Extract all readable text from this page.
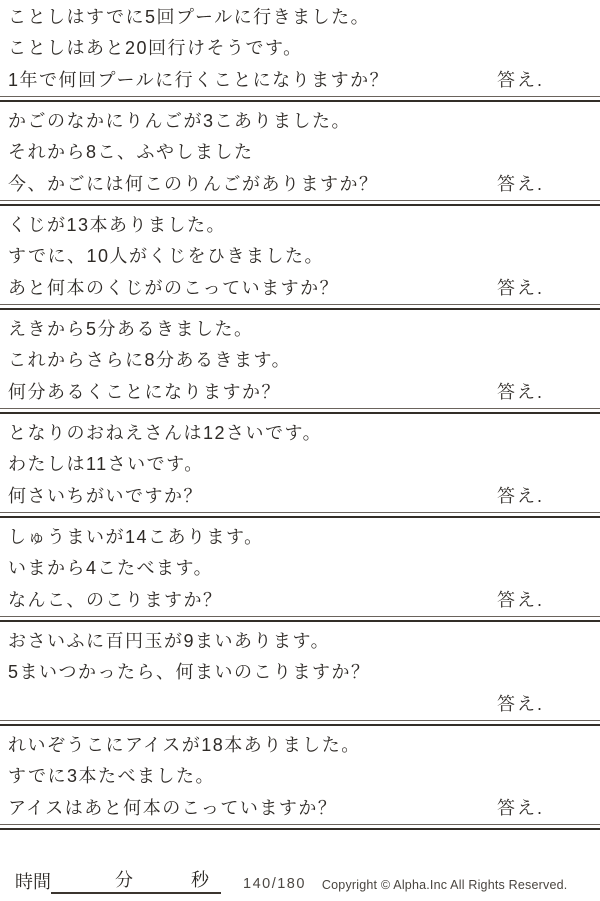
ことしはすでに5回プールに行きました。
ことしはあと20回行けそうです。
1年で何回プールに行くことになりますか？	答え.
かごのなかにりんごが3こありました。
それから8こ、ふやしました
今、かごには何このりんごがありますか？	答え.
くじが13本ありました。
すでに、10人がくじをひきました。
あと何本のくじがのこっていますか？	答え.
えきから5分あるきました。
これからさらに8分あるきます。
何分あるくことになりますか？	答え.
となりのおねえさんは12さいです。
わたしは11さいです。
何さいちがいですか？	答え.
しゅうまいが14こあります。
いまから4こたべます。
なんこ、のこりますか？	答え.
おさいふに百円玉が9まいあります。
5まいつかったら、何まいのこりますか？
答え.
れいぞうこにアイスが18本ありました。
すでに3本たべました。
アイスはあと何本のこっていますか？	答え.
時間	分	秒 140/180 Copyright © Alpha.Inc All Rights Reserved.
